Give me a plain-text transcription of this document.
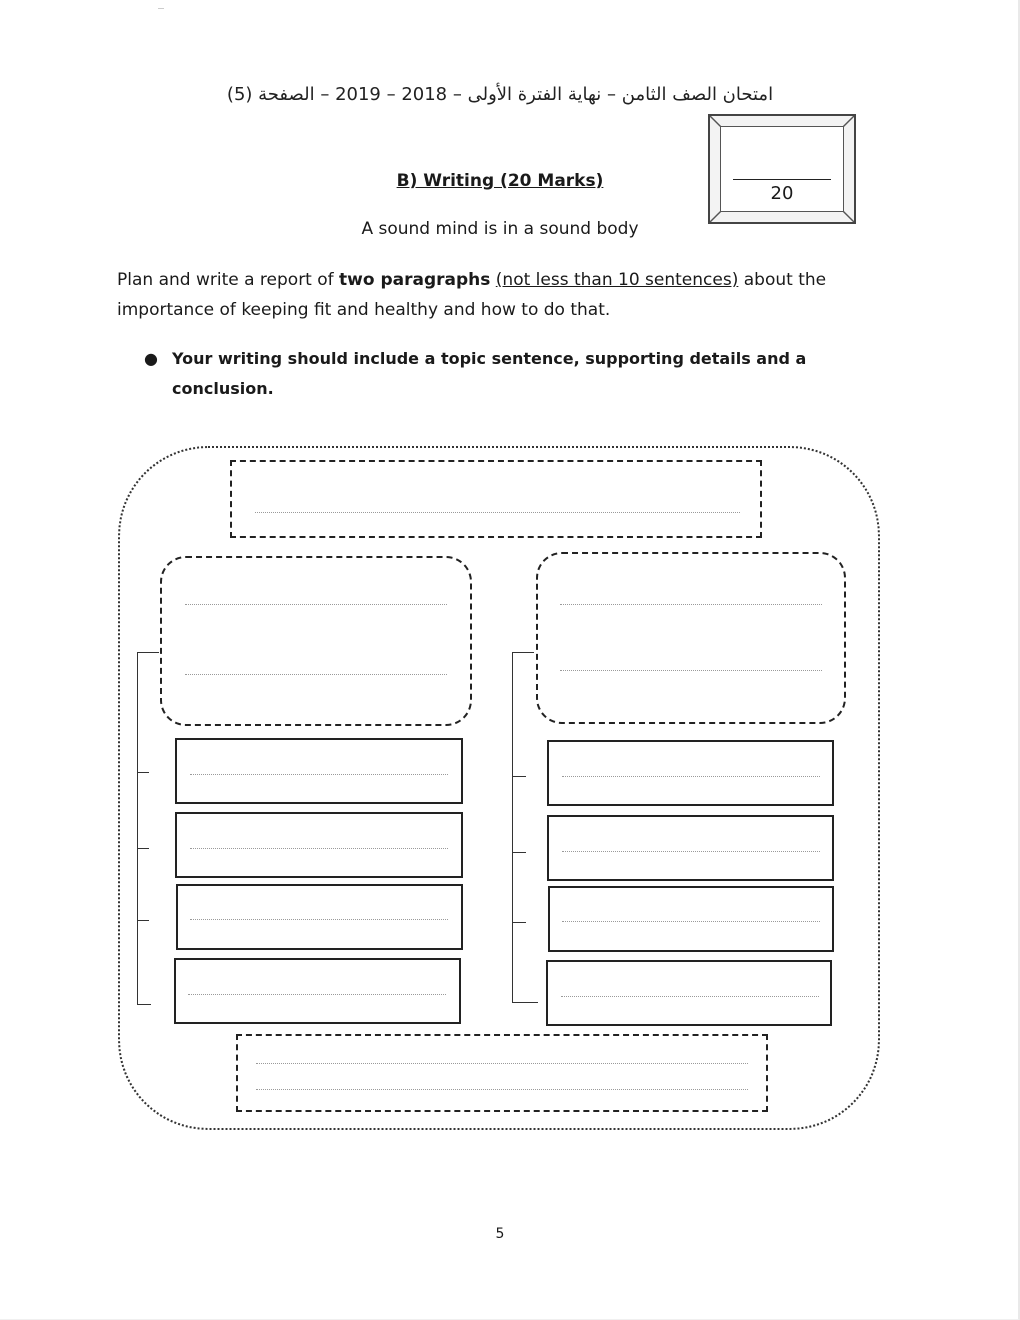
امتحان الصف الثامن – نهاية الفترة الأولى – 2018 – 2019 – الصفحة (5)
20
B) Writing (20 Marks)
A sound mind is in a sound body
Plan and write a report of two paragraphs (not less than 10 sentences) about the importance of keeping fit and healthy and how to do that.
● Your writing should include a topic sentence, supporting details and a conclusion.
5
